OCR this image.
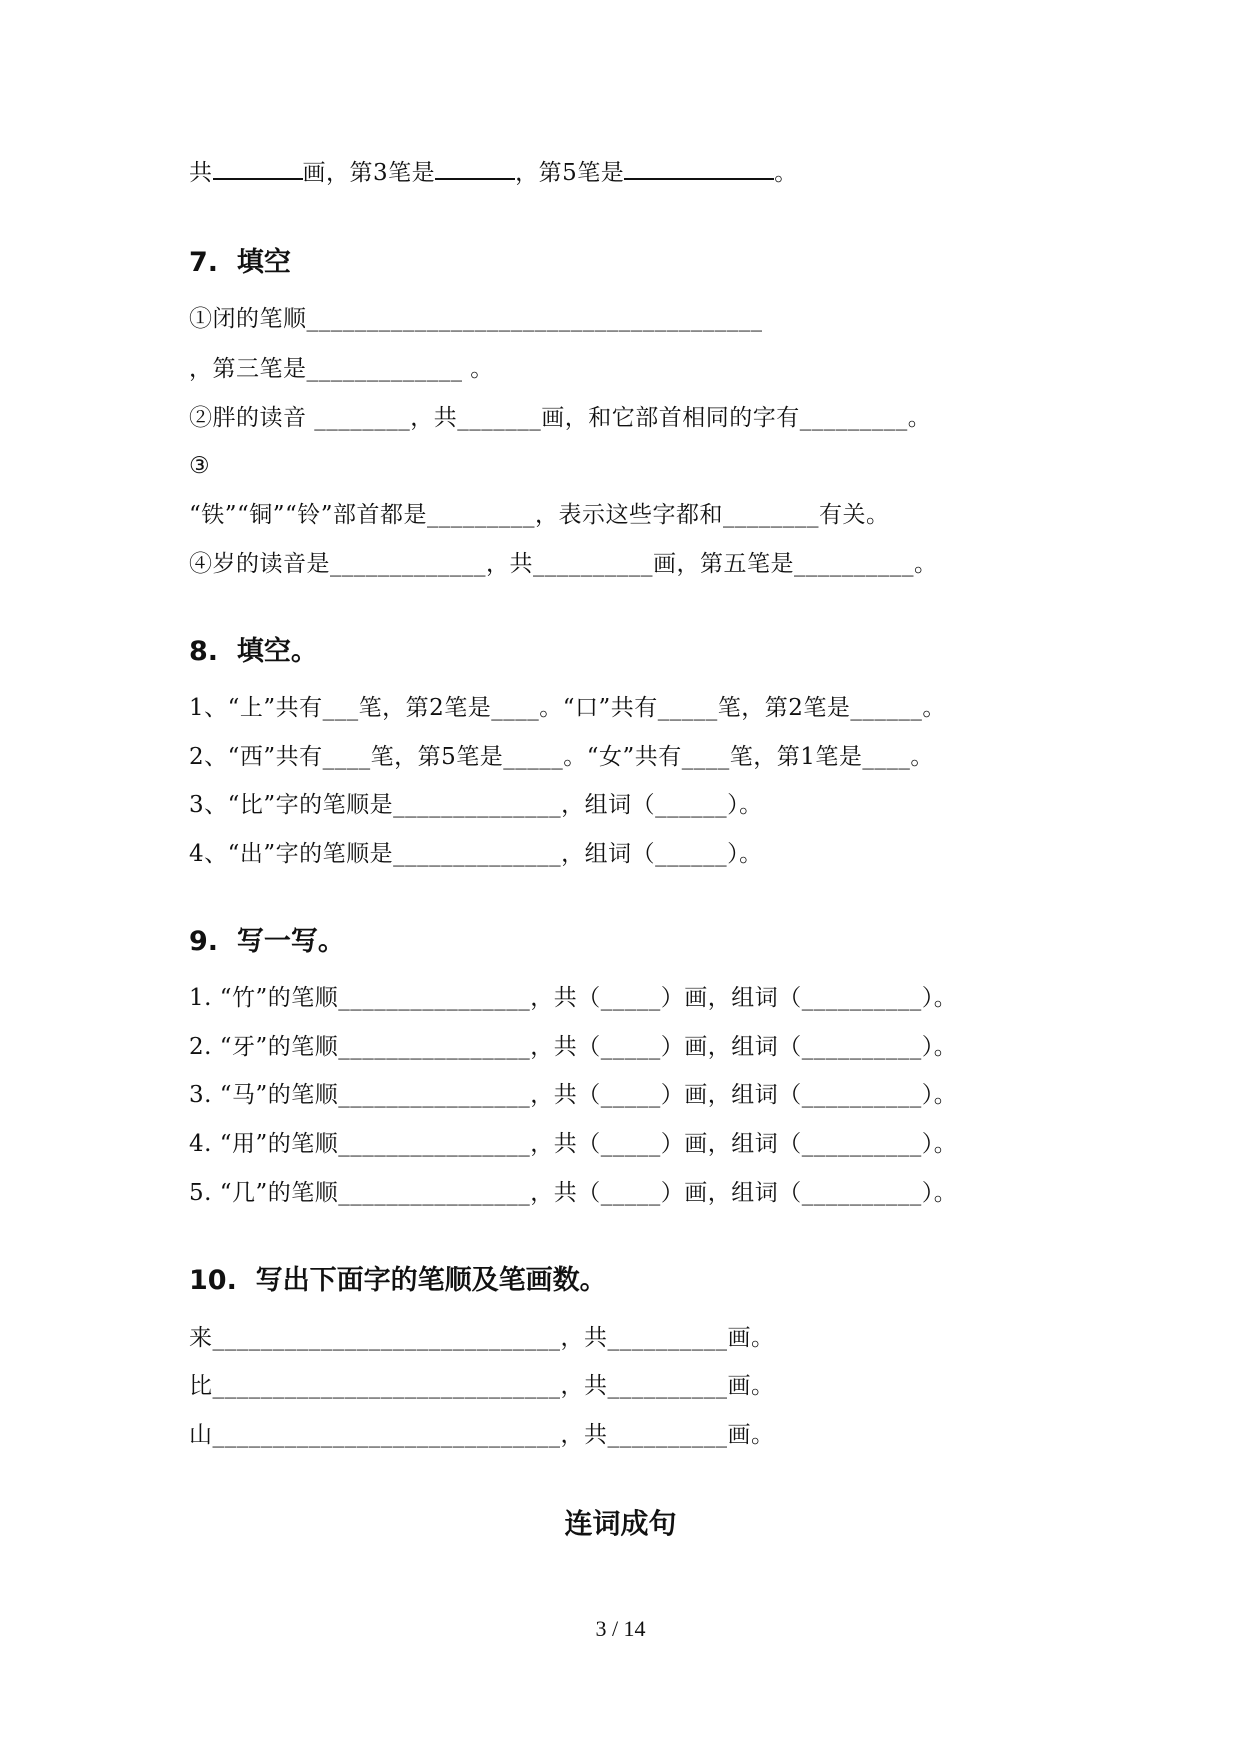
共	画，第3笔是	，第5笔是	。
7.  填空
①闭的笔顺______________________________________
，第三笔是_____________ 。
②胖的读音 ________，共_______画，和它部首相同的字有_________。
③
“铁”“铜”“铃”部首都是_________，表示这些字都和________有关。
④岁的读音是_____________，共__________画，第五笔是__________。
8.  填空。
1、“上”共有___笔，第2笔是____。“口”共有_____笔，第2笔是______。
2、“西”共有____笔，第5笔是_____。“女”共有____笔，第1笔是____。
3、“比”字的笔顺是______________，组词（______）。
4、“出”字的笔顺是______________，组词（______）。
9.  写一写。
1. “竹”的笔顺________________，共（_____）画，组词（__________）。
2. “牙”的笔顺________________，共（_____）画，组词（__________）。
3. “马”的笔顺________________，共（_____）画，组词（__________）。
4. “用”的笔顺________________，共（_____）画，组词（__________）。
5. “几”的笔顺________________，共（_____）画，组词（__________）。
10.  写出下面字的笔顺及笔画数。
来_____________________________，共__________画。
比_____________________________，共__________画。
山_____________________________，共__________画。
连词成句
3 / 14
